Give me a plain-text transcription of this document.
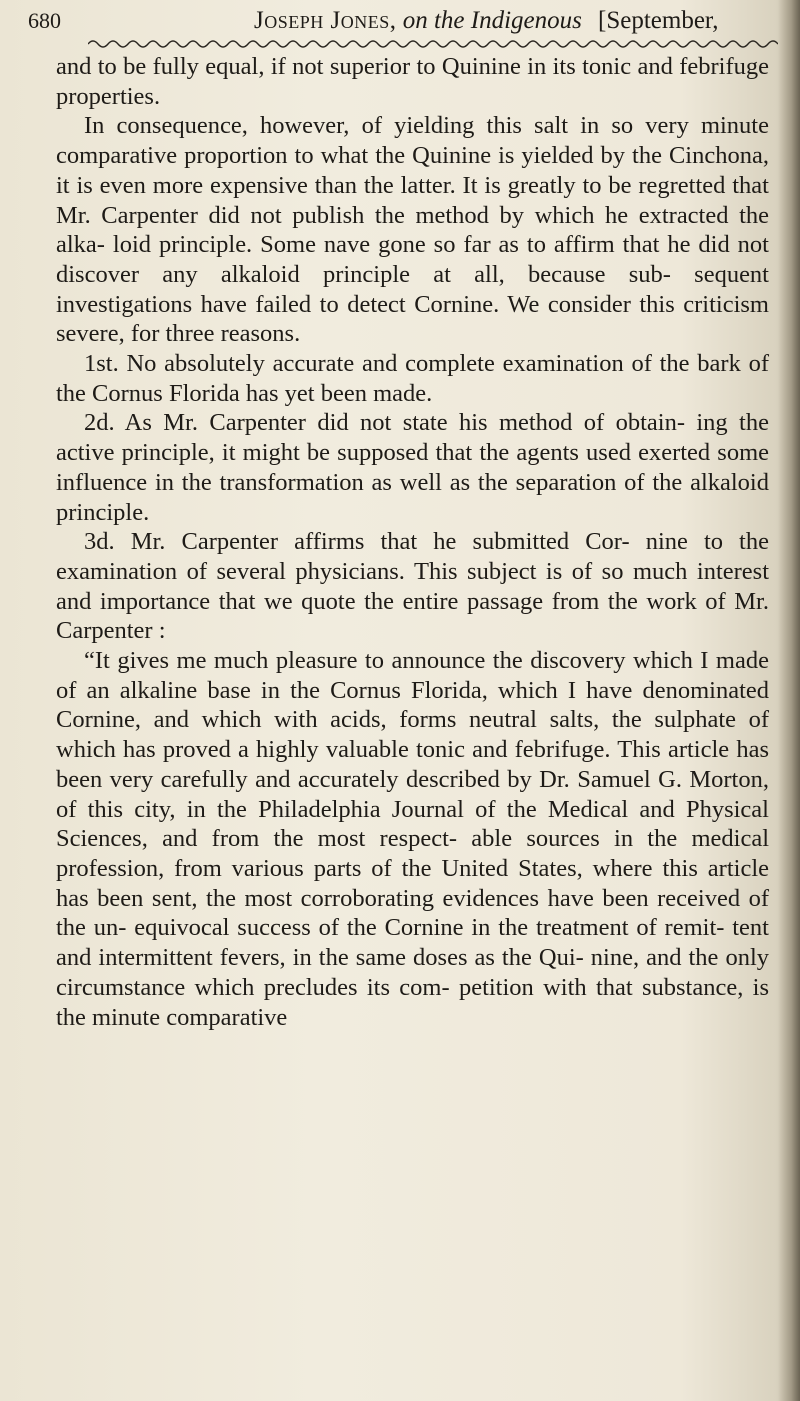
680	Joseph Jones, on the Indigenous [September,

and to be fully equal, if not superior to Quinine in its tonic and febrifuge properties.

In consequence, however, of yielding this salt in so very minute comparative proportion to what the Quinine is yielded by the Cinchona, it is even more expensive than the latter. It is greatly to be regretted that Mr. Carpenter did not publish the method by which he extracted the alka- loid principle. Some nave gone so far as to affirm that he did not discover any alkaloid principle at all, because sub- sequent investigations have failed to detect Cornine. We consider this criticism severe, for three reasons.

1st. No absolutely accurate and complete examination of the bark of the Cornus Florida has yet been made.

2d. As Mr. Carpenter did not state his method of obtain- ing the active principle, it might be supposed that the agents used exerted some influence in the transformation as well as the separation of the alkaloid principle.

3d. Mr. Carpenter affirms that he submitted Cor- nine to the examination of several physicians. This subject is of so much interest and importance that we quote the entire passage from the work of Mr. Carpenter :

“It gives me much pleasure to announce the discovery which I made of an alkaline base in the Cornus Florida, which I have denominated Cornine, and which with acids, forms neutral salts, the sulphate of which has proved a highly valuable tonic and febrifuge. This article has been very carefully and accurately described by Dr. Samuel G. Morton, of this city, in the Philadelphia Journal of the Medical and Physical Sciences, and from the most respect- able sources in the medical profession, from various parts of the United States, where this article has been sent, the most corroborating evidences have been received of the un- equivocal success of the Cornine in the treatment of remit- tent and intermittent fevers, in the same doses as the Qui- nine, and the only circumstance which precludes its com- petition with that substance, is the minute comparative
